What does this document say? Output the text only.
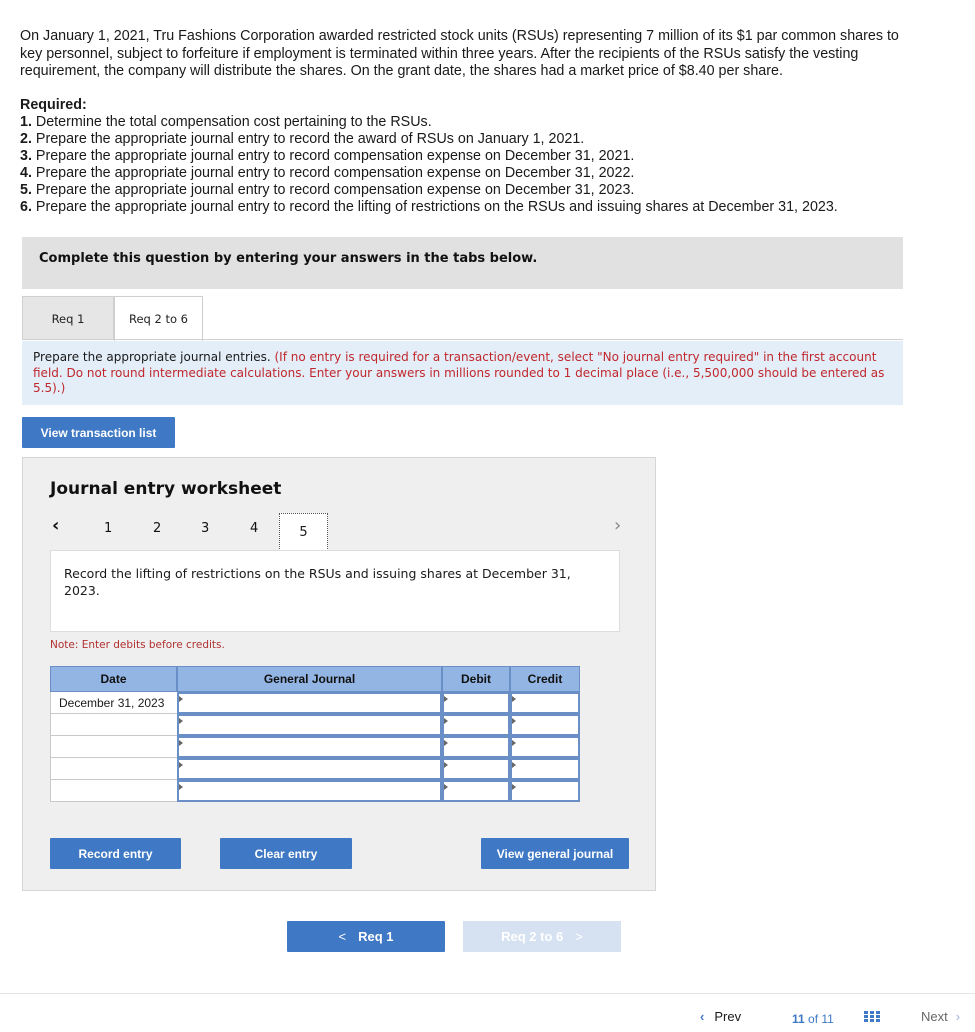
On January 1, 2021, Tru Fashions Corporation awarded restricted stock units (RSUs) representing 7 million of its $1 par common shares to key personnel, subject to forfeiture if employment is terminated within three years. After the recipients of the RSUs satisfy the vesting requirement, the company will distribute the shares. On the grant date, the shares had a market price of $8.40 per share.
Required:
1. Determine the total compensation cost pertaining to the RSUs.
2. Prepare the appropriate journal entry to record the award of RSUs on January 1, 2021.
3. Prepare the appropriate journal entry to record compensation expense on December 31, 2021.
4. Prepare the appropriate journal entry to record compensation expense on December 31, 2022.
5. Prepare the appropriate journal entry to record compensation expense on December 31, 2023.
6. Prepare the appropriate journal entry to record the lifting of restrictions on the RSUs and issuing shares at December 31, 2023.
Complete this question by entering your answers in the tabs below.
Req 1	Req 2 to 6
Prepare the appropriate journal entries. (If no entry is required for a transaction/event, select "No journal entry required" in the first account field. Do not round intermediate calculations. Enter your answers in millions rounded to 1 decimal place (i.e., 5,500,000 should be entered as 5.5).)
View transaction list
Journal entry worksheet
‹	1	2	3	4	5	›
Record the lifting of restrictions on the RSUs and issuing shares at December 31, 2023.
Note: Enter debits before credits.
Date	General Journal	Debit	Credit
December 31, 2023
Record entry	Clear entry	View general journal
< Req 1	Req 2 to 6 >
‹ Prev	11 of 11	Next ›
